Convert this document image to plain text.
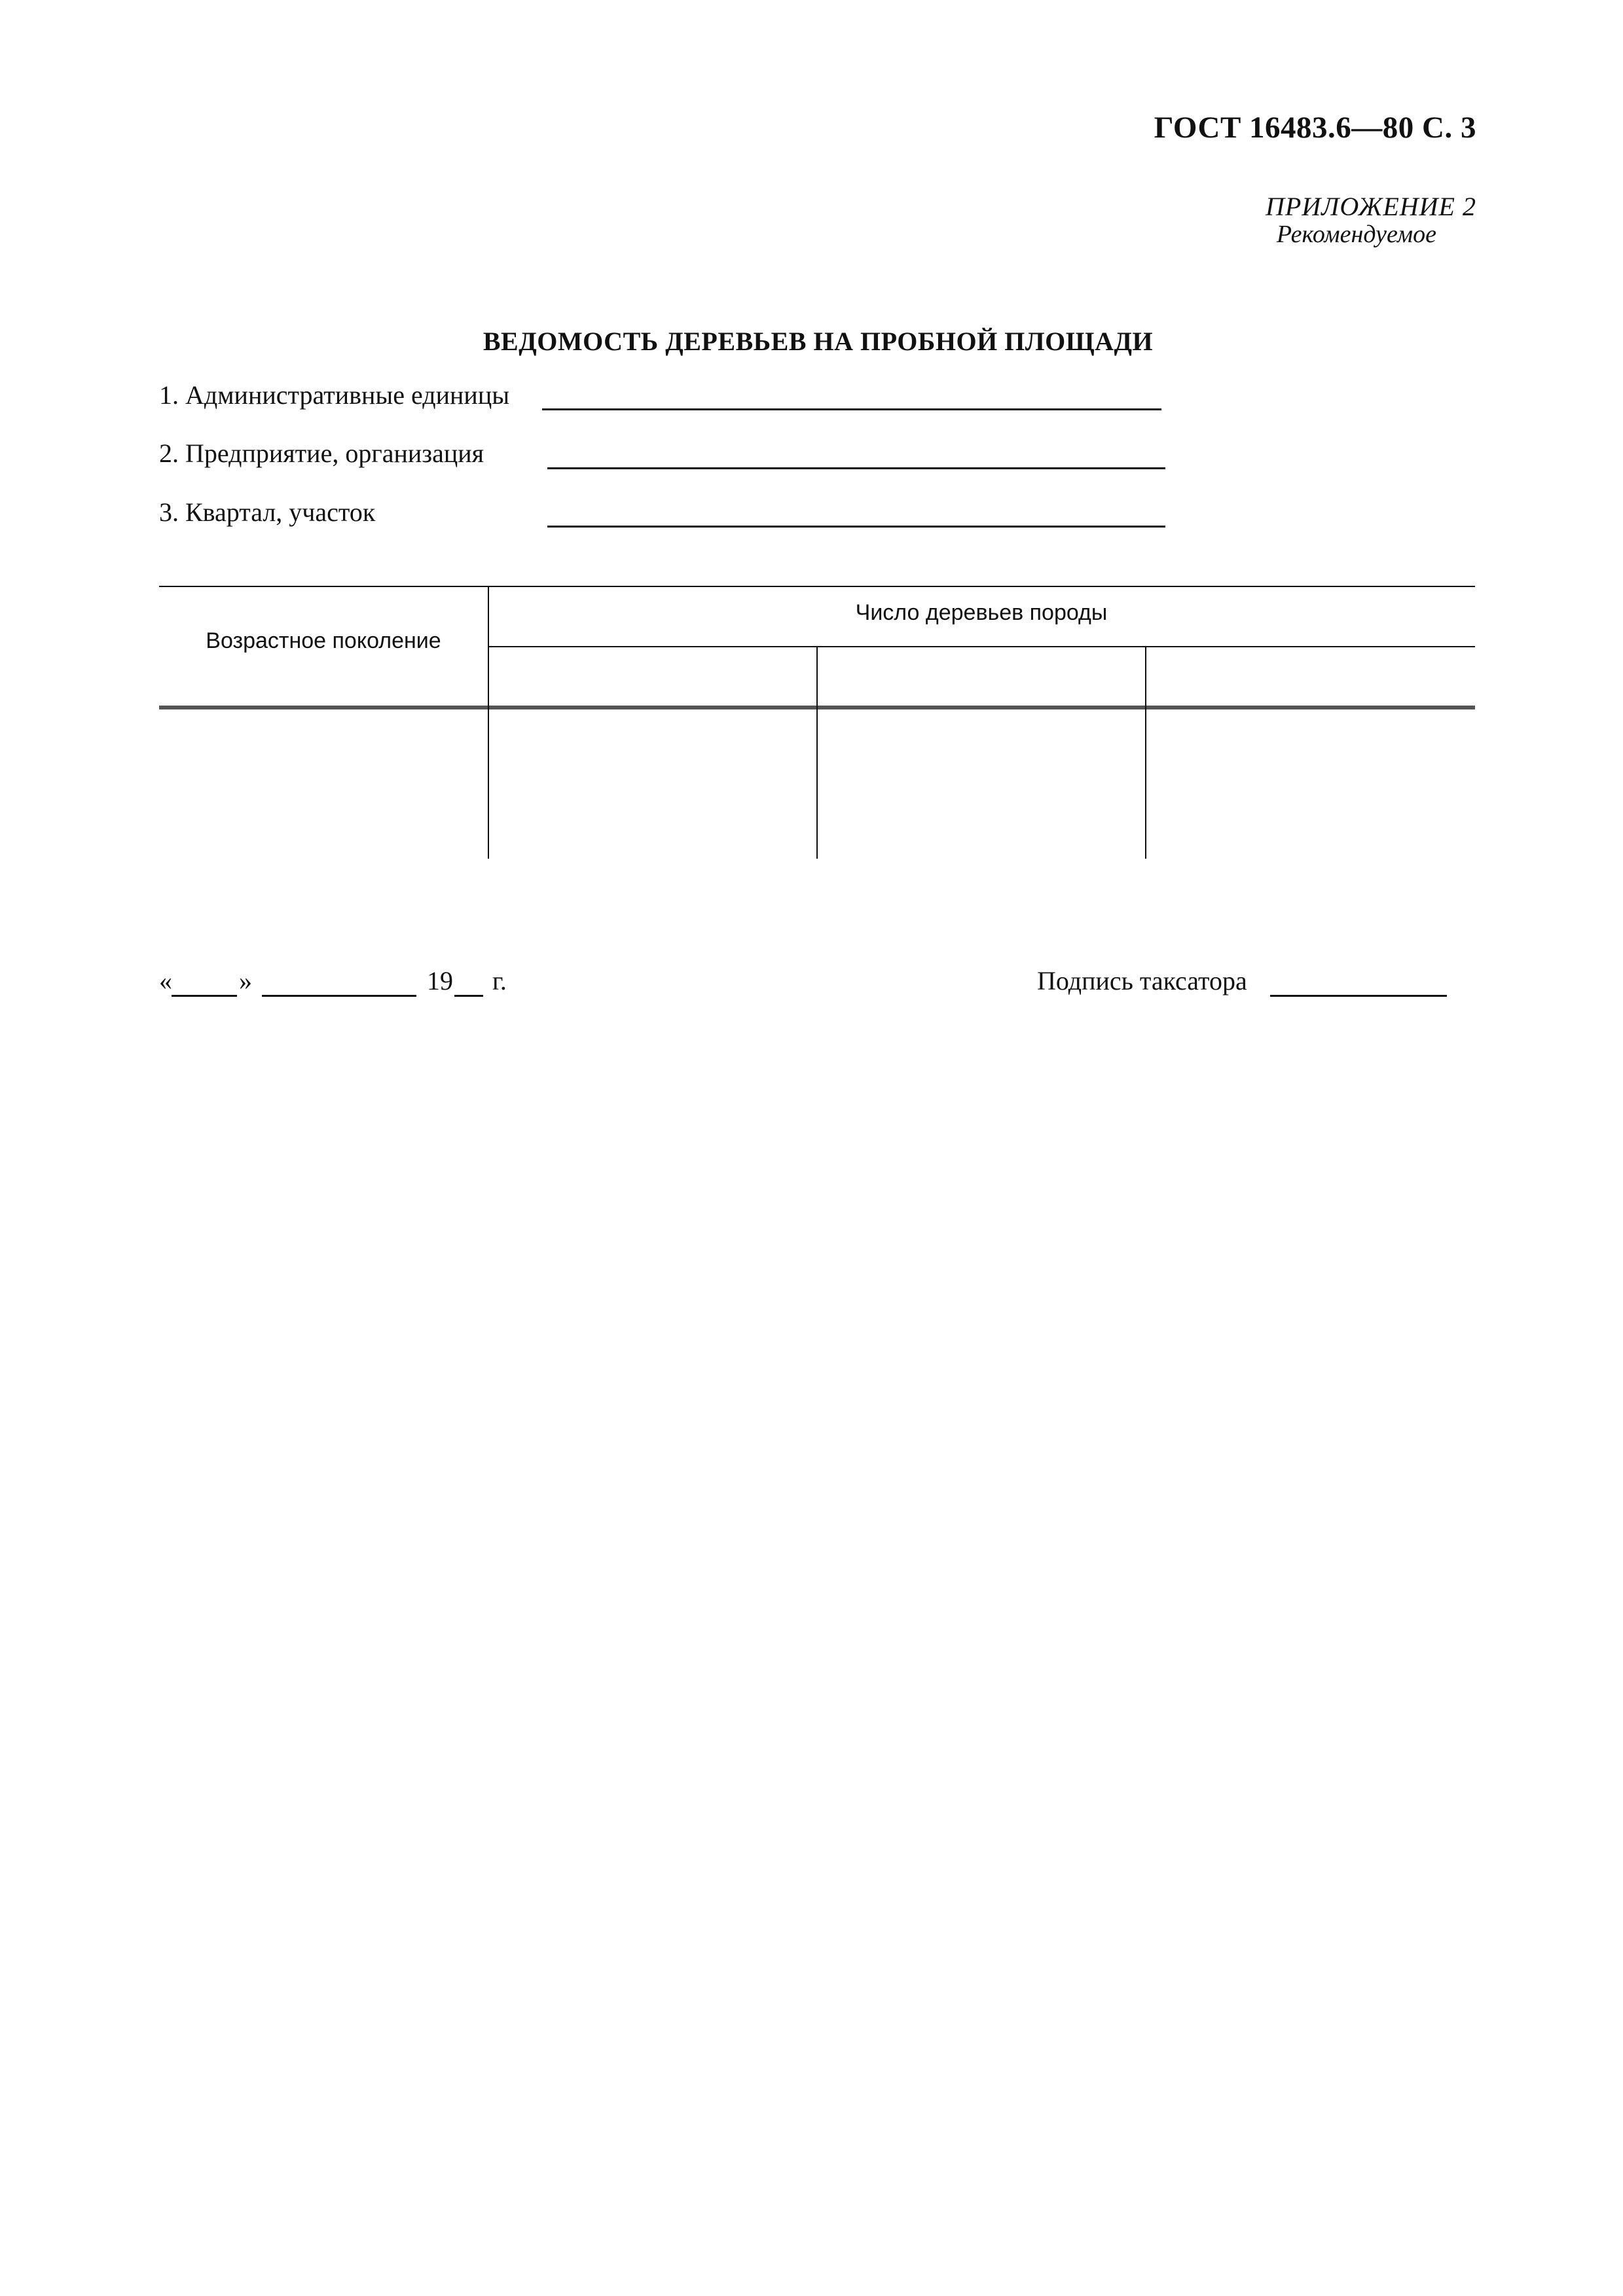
ГОСТ 16483.6—80 С. 3
ПРИЛОЖЕНИЕ 2
Рекомендуемое
ВЕДОМОСТЬ ДЕРЕВЬЕВ НА ПРОБНОЙ ПЛОЩАДИ
1. Административные единицы
2. Предприятие, организация
3. Квартал, участок
Возрастное поколение
Число деревьев породы
«	»	19 г.	Подпись таксатора
